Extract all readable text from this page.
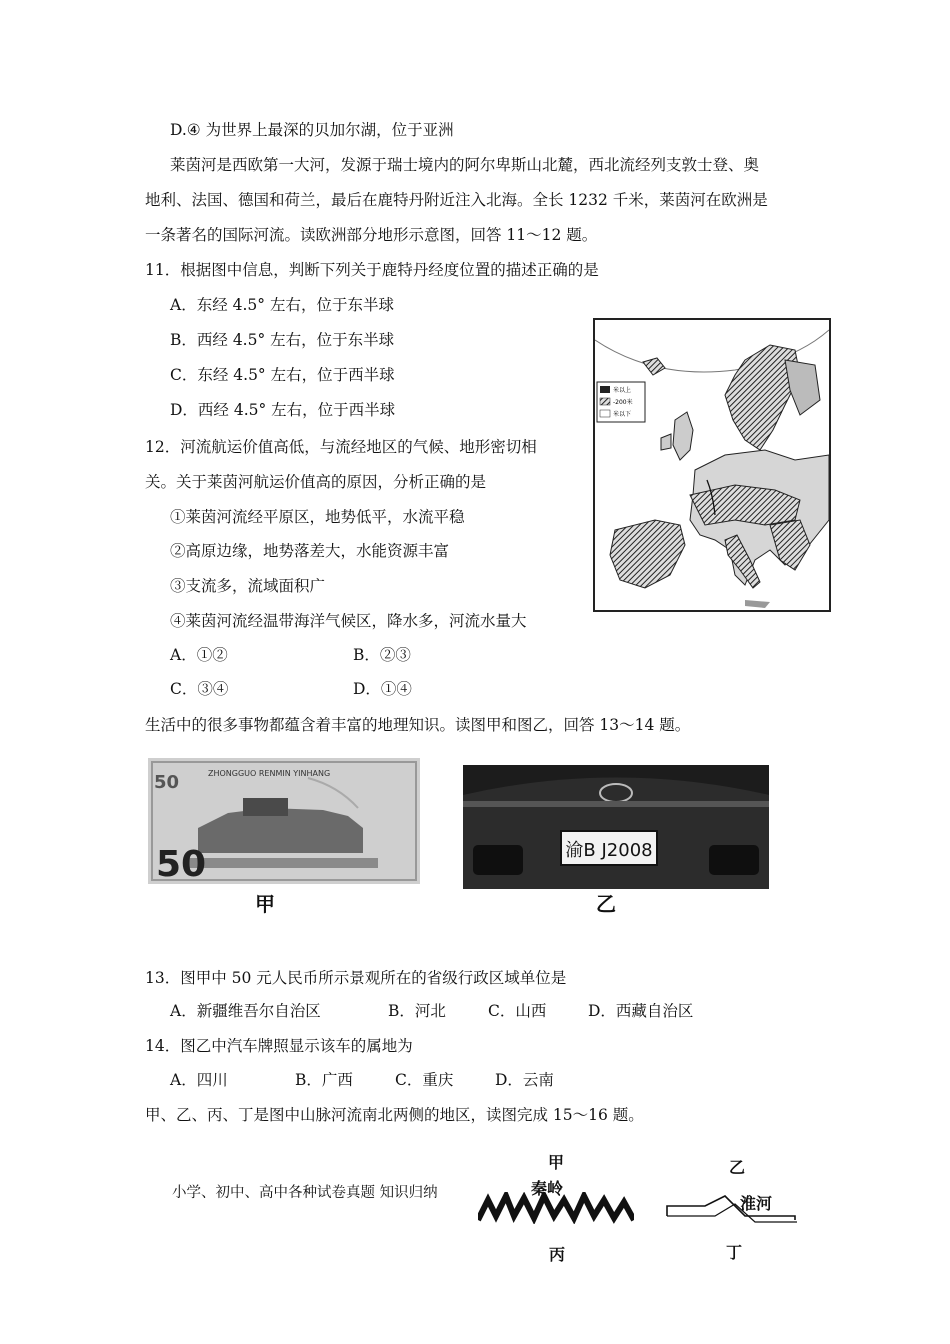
D.④ 为世界上最深的贝加尔湖，位于亚洲
莱茵河是西欧第一大河，发源于瑞士境内的阿尔卑斯山北麓，西北流经列支敦士登、奥
地利、法国、德国和荷兰，最后在鹿特丹附近注入北海。全长 1232 千米，莱茵河在欧洲是
一条著名的国际河流。读欧洲部分地形示意图，回答 11～12 题。
11．根据图中信息，判断下列关于鹿特丹经度位置的描述正确的是
A．东经 4.5° 左右，位于东半球
B．西经 4.5° 左右，位于东半球
C．东经 4.5° 左右，位于西半球
D．西经 4.5° 左右，位于西半球
12．河流航运价值高低，与流经地区的气候、地形密切相
关。关于莱茵河航运价值高的原因，分析正确的是
①莱茵河流经平原区，地势低平，水流平稳
②高原边缘，地势落差大，水能资源丰富
③支流多，流域面积广
④莱茵河流经温带海洋气候区，降水多，河流水量大
A．①②	B．②③
C．③④	D．①④
生活中的很多事物都蕴含着丰富的地理知识。读图甲和图乙，回答 13～14 题。
13．图甲中 50 元人民币所示景观所在的省级行政区域单位是
A．新疆维吾尔自治区	B．河北	C．山西	D．西藏自治区
14．图乙中汽车牌照显示该车的属地为
A．四川	B．广西	C．重庆	D．云南
甲、乙、丙、丁是图中山脉河流南北两侧的地区，读图完成 15～16 题。
小学、初中、高中各种试卷真题 知识归纳
米以上
-200米
米以下
ZHONGGUO RENMIN YINHANG
50
50
甲
渝B J2008
乙
甲
秦岭
丙
乙
淮河
丁
